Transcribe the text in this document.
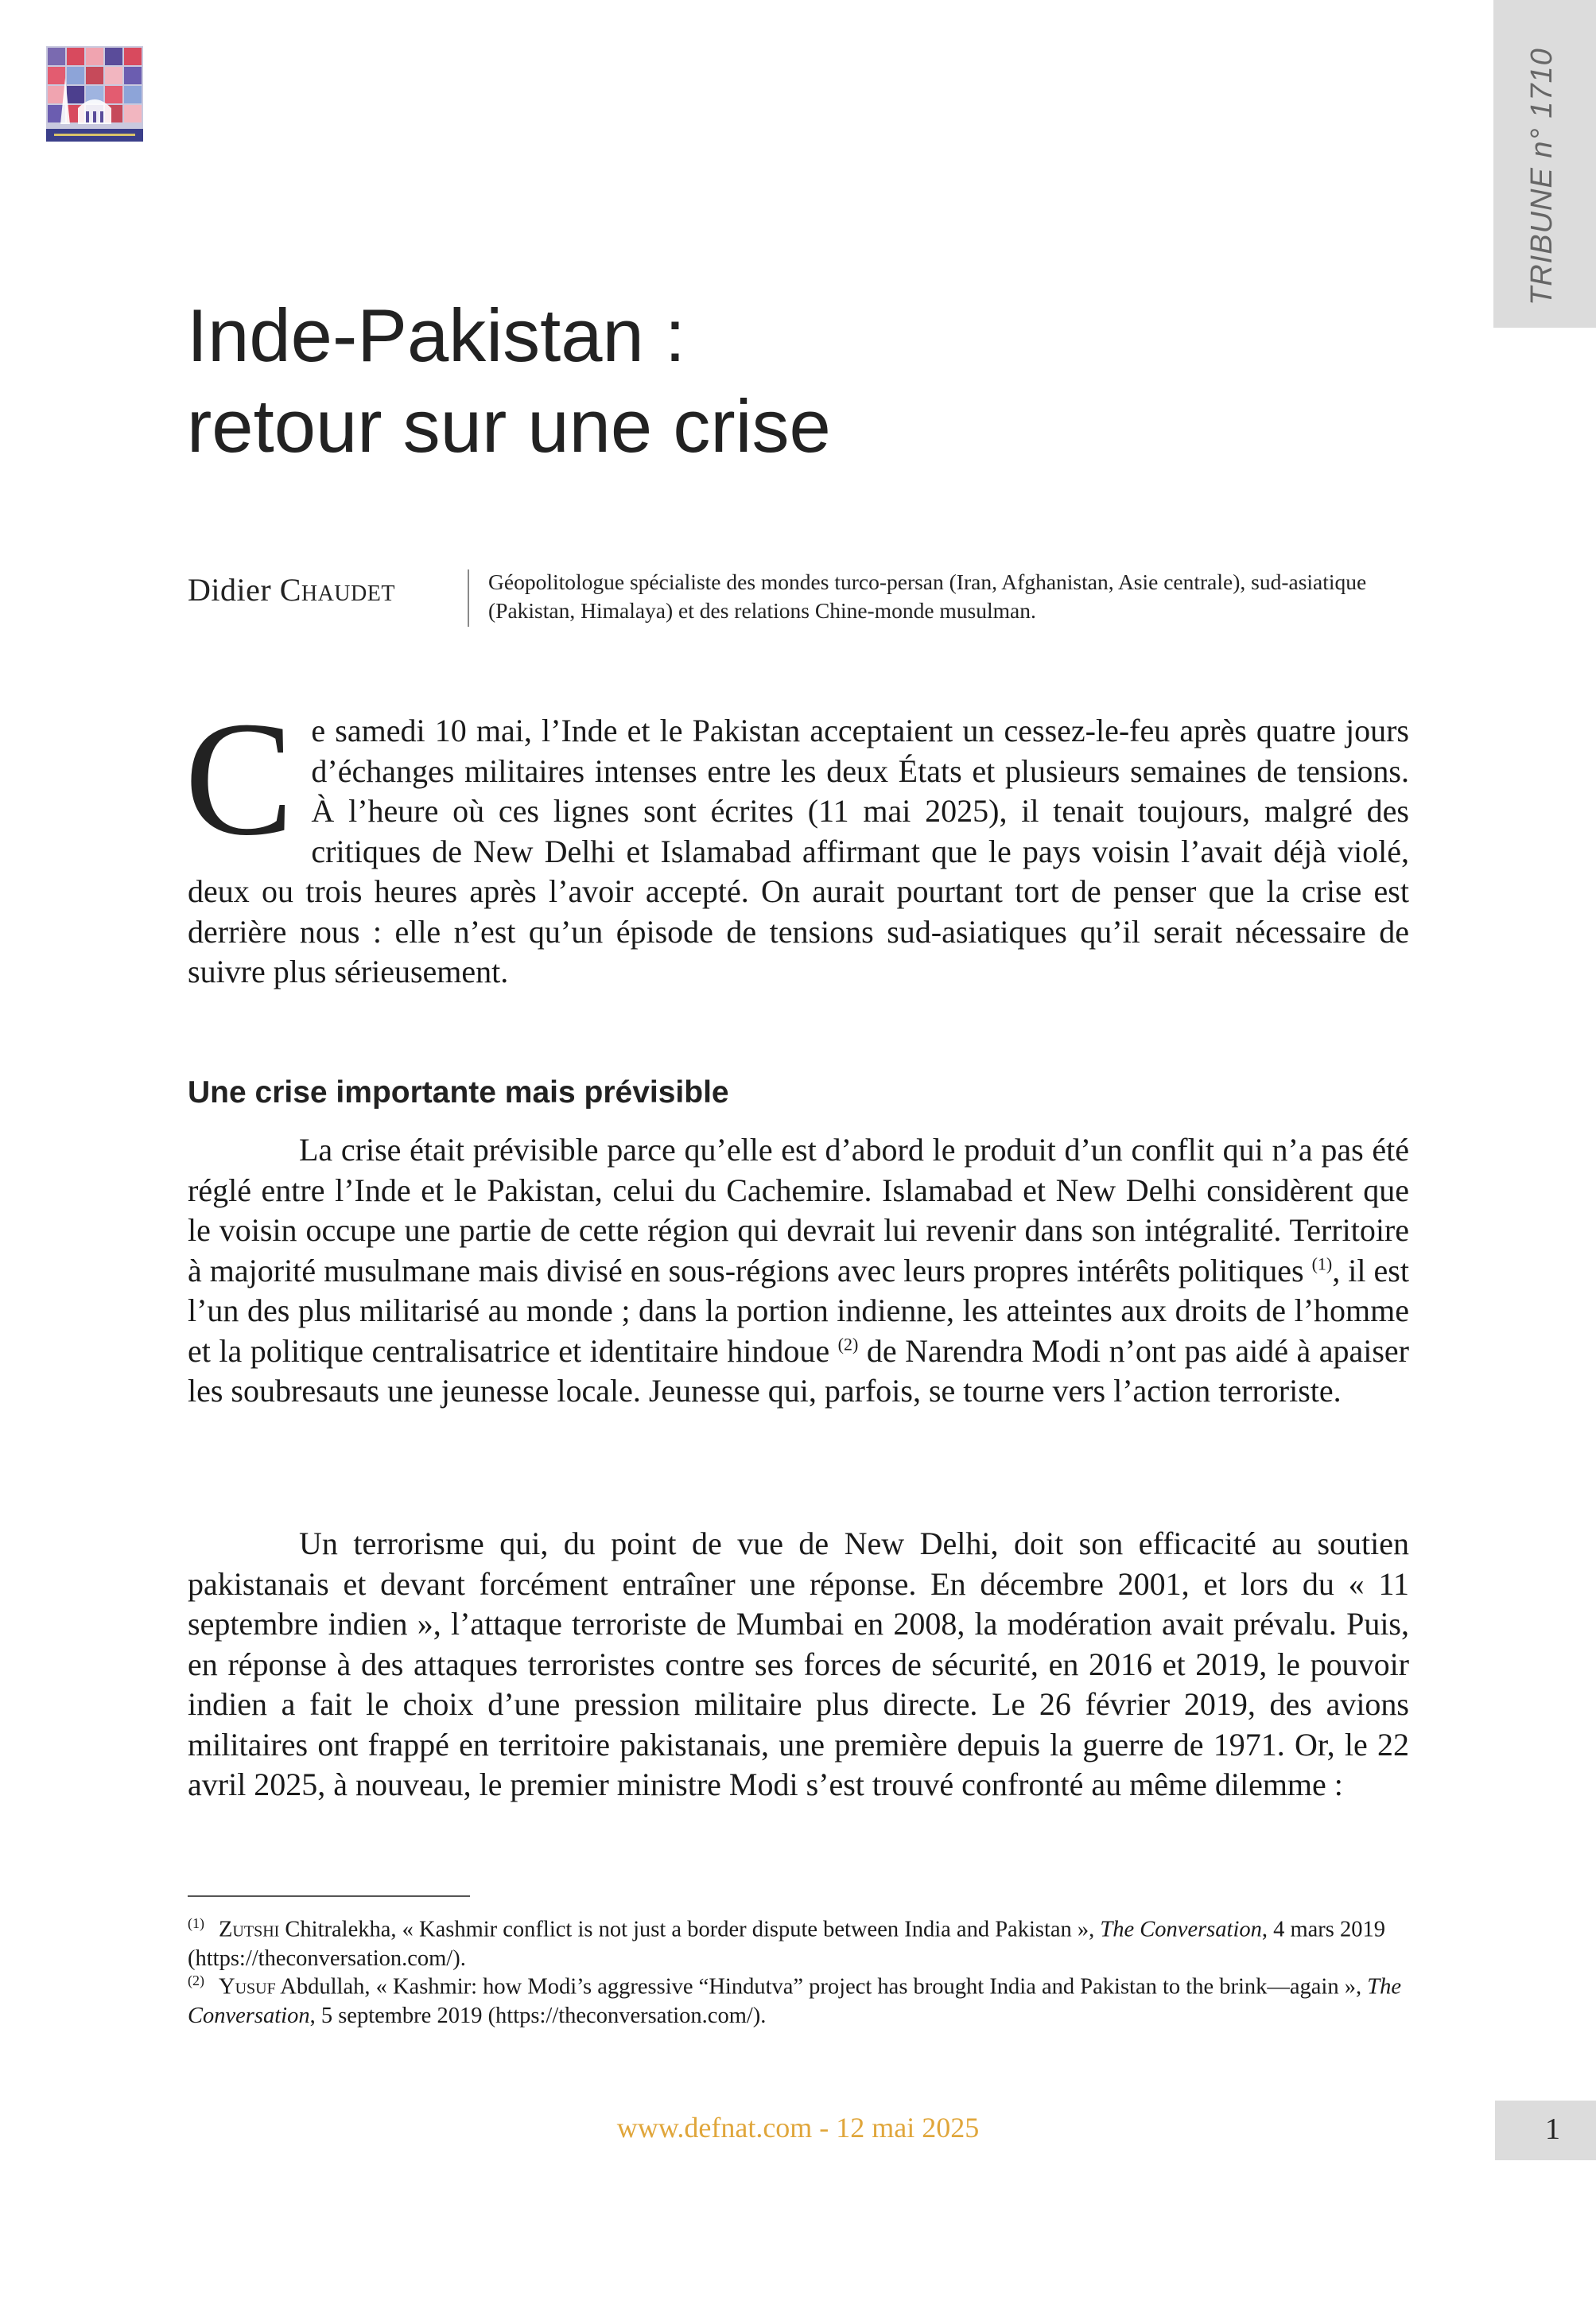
TRIBUNE n° 1710
Inde-Pakistan :
retour sur une crise
Didier Chaudet	Géopolitologue spécialiste des mondes turco-persan (Iran, Afghanistan, Asie centrale), sud-asiatique (Pakistan, Himalaya) et des relations Chine-monde musulman.
Ce samedi 10 mai, l’Inde et le Pakistan acceptaient un cessez-le-feu après quatre jours d’échanges militaires intenses entre les deux États et plusieurs semaines de tensions. À l’heure où ces lignes sont écrites (11 mai 2025), il tenait toujours, malgré des critiques de New Delhi et Islamabad affirmant que le pays voisin l’avait déjà violé, deux ou trois heures après l’avoir accepté. On aurait pourtant tort de penser que la crise est derrière nous : elle n’est qu’un épisode de tensions sud-asiatiques qu’il serait nécessaire de suivre plus sérieusement.
Une crise importante mais prévisible
La crise était prévisible parce qu’elle est d’abord le produit d’un conflit qui n’a pas été réglé entre l’Inde et le Pakistan, celui du Cachemire. Islamabad et New Delhi considèrent que le voisin occupe une partie de cette région qui devrait lui revenir dans son intégralité. Territoire à majorité musulmane mais divisé en sous-régions avec leurs propres intérêts politiques $^{(1)}$, il est l’un des plus militarisé au monde ; dans la portion indienne, les atteintes aux droits de l’homme et la politique centralisatrice et identitaire hindoue $^{(2)}$ de Narendra Modi n’ont pas aidé à apaiser les soubresauts une jeunesse locale. Jeunesse qui, parfois, se tourne vers l’action terroriste.
Un terrorisme qui, du point de vue de New Delhi, doit son efficacité au soutien pakistanais et devant forcément entraîner une réponse. En décembre 2001, et lors du « 11 septembre indien », l’attaque terroriste de Mumbai en 2008, la modération avait prévalu. Puis, en réponse à des attaques terroristes contre ses forces de sécurité, en 2016 et 2019, le pouvoir indien a fait le choix d’une pression militaire plus directe. Le 26 février 2019, des avions militaires ont frappé en territoire pakistanais, une première depuis la guerre de 1971. Or, le 22 avril 2025, à nouveau, le premier ministre Modi s’est trouvé confronté au même dilemme :
$^{(1)}$ Zutshi Chitralekha, « Kashmir conflict is not just a border dispute between India and Pakistan », The Conversation, 4 mars 2019 (https://theconversation.com/).
$^{(2)}$ Yusuf Abdullah, « Kashmir: how Modi’s aggressive “Hindutva” project has brought India and Pakistan to the brink—again », The Conversation, 5 septembre 2019 (https://theconversation.com/).
www.defnat.com - 12 mai 2025	1
